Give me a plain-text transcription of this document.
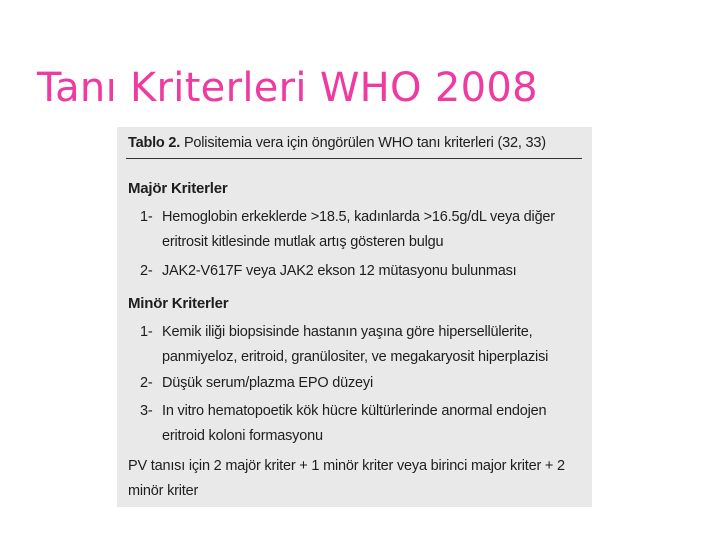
Tanı Kriterleri WHO 2008
Tablo 2. Polisitemia vera için öngörülen WHO tanı kriterleri (32, 33)
Majör Kriterler
1- Hemoglobin erkeklerde >18.5, kadınlarda >16.5g/dL veya diğer eritrosit kitlesinde mutlak artış gösteren bulgu
2- JAK2-V617F veya JAK2 ekson 12 mütasyonu bulunması
Minör Kriterler
1- Kemik iliği biopsisinde hastanın yaşına göre hipersellülerite, panmiyeloz, eritroid, granülositer, ve megakaryosit hiperplazisi
2- Düşük serum/plazma EPO düzeyi
3- In vitro hematopoetik kök hücre kültürlerinde anormal endojen eritroid koloni formasyonu
PV tanısı için 2 majör kriter + 1 minör kriter veya birinci major kriter + 2 minör kriter
